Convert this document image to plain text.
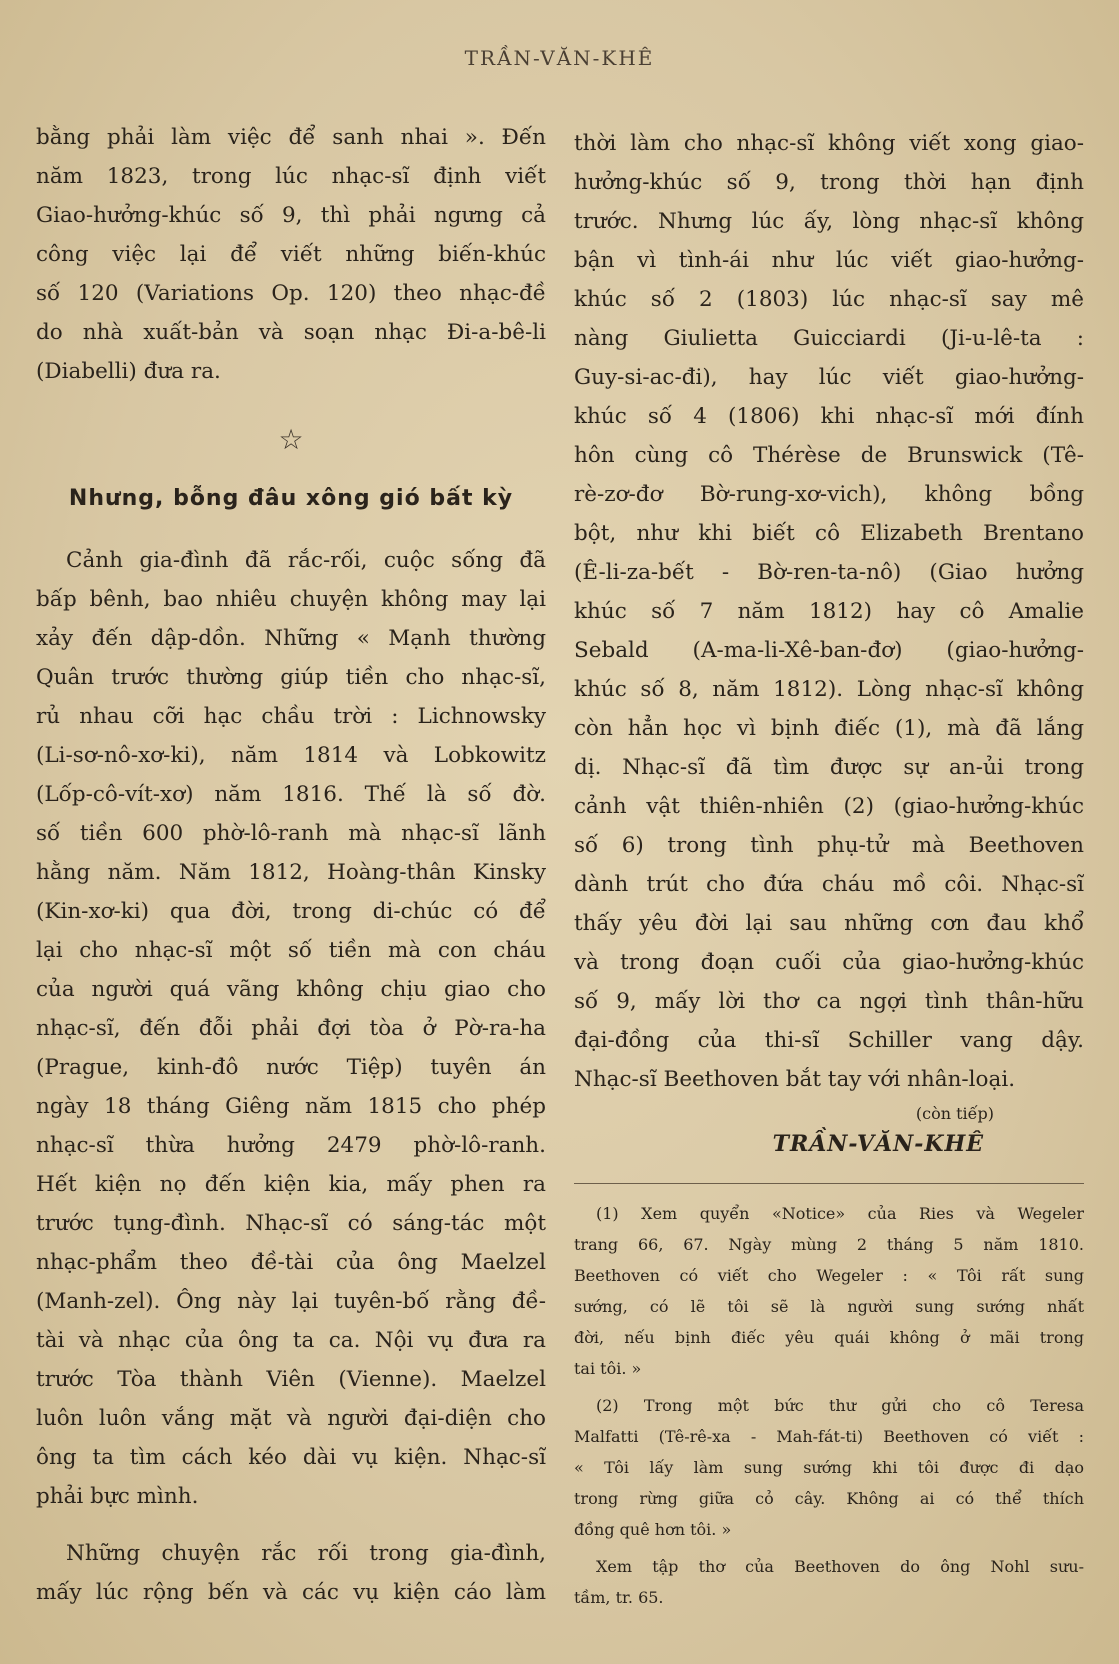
TRẦN-VĂN-KHÊ
bằng phải làm việc để sanh nhai ». Đến
năm 1823, trong lúc nhạc-sĩ định viết
Giao-hưởng-khúc số 9, thì phải ngưng cả
công việc lại để viết những biến-khúc
số 120 (Variations Op. 120) theo nhạc-đề
do nhà xuất-bản và soạn nhạc Đi-a-bê-li
(Diabelli) đưa ra.
☆
Nhưng, bỗng đâu xông gió bất kỳ
Cảnh gia-đình đã rắc-rối, cuộc sống đã
bấp bênh, bao nhiêu chuyện không may lại
xảy đến dập-dồn. Những « Mạnh thường
Quân trước thường giúp tiền cho nhạc-sĩ,
rủ nhau cỡi hạc chầu trời : Lichnowsky
(Li-sơ-nô-xơ-ki), năm 1814 và Lobkowitz
(Lốp-cô-vít-xơ) năm 1816. Thế là số đờ.
số tiền 600 phờ-lô-ranh mà nhạc-sĩ lãnh
hằng năm. Năm 1812, Hoàng-thân Kinsky
(Kin-xơ-ki) qua đời, trong di-chúc có để
lại cho nhạc-sĩ một số tiền mà con cháu
của người quá vãng không chịu giao cho
nhạc-sĩ, đến đỗi phải đợi tòa ở Pờ-ra-ha
(Prague, kinh-đô nước Tiệp) tuyên án
ngày 18 tháng Giêng năm 1815 cho phép
nhạc-sĩ thừa hưởng 2479 phờ-lô-ranh.
Hết kiện nọ đến kiện kia, mấy phen ra
trước tụng-đình. Nhạc-sĩ có sáng-tác một
nhạc-phẩm theo đề-tài của ông Maelzel
(Manh-zel). Ông này lại tuyên-bố rằng đề-
tài và nhạc của ông ta ca. Nội vụ đưa ra
trước Tòa thành Viên (Vienne). Maelzel
luôn luôn vắng mặt và người đại-diện cho
ông ta tìm cách kéo dài vụ kiện. Nhạc-sĩ
phải bực mình.
Những chuyện rắc rối trong gia-đình,
mấy lúc rộng bến và các vụ kiện cáo làm
thời làm cho nhạc-sĩ không viết xong giao-
hưởng-khúc số 9, trong thời hạn định
trước. Nhưng lúc ấy, lòng nhạc-sĩ không
bận vì tình-ái như lúc viết giao-hưởng-
khúc số 2 (1803) lúc nhạc-sĩ say mê
nàng Giulietta Guicciardi (Ji-u-lê-ta :
Guy-si-ac-đi), hay lúc viết giao-hưởng-
khúc số 4 (1806) khi nhạc-sĩ mới đính
hôn cùng cô Thérèse de Brunswick (Tê-
rè-zơ-đơ Bờ-rung-xơ-vich), không bồng
bột, như khi biết cô Elizabeth Brentano
(Ê-li-za-bết - Bờ-ren-ta-nô) (Giao hưởng
khúc số 7 năm 1812) hay cô Amalie
Sebald (A-ma-li-Xê-ban-đơ) (giao-hưởng-
khúc số 8, năm 1812). Lòng nhạc-sĩ không
còn hẳn học vì bịnh điếc (1), mà đã lắng
dị. Nhạc-sĩ đã tìm được sự an-ủi trong
cảnh vật thiên-nhiên (2) (giao-hưởng-khúc
số 6) trong tình phụ-tử mà Beethoven
dành trút cho đứa cháu mồ côi. Nhạc-sĩ
thấy yêu đời lại sau những cơn đau khổ
và trong đoạn cuối của giao-hưởng-khúc
số 9, mấy lời thơ ca ngợi tình thân-hữu
đại-đồng của thi-sĩ Schiller vang dậy.
Nhạc-sĩ Beethoven bắt tay với nhân-loại.
(còn tiếp)
TRẦN-VĂN-KHÊ
(1) Xem quyển «Notice» của Ries và Wegeler
trang 66, 67. Ngày mùng 2 tháng 5 năm 1810.
Beethoven có viết cho Wegeler : « Tôi rất sung
sướng, có lẽ tôi sẽ là người sung sướng nhất
đời, nếu bịnh điếc yêu quái không ở mãi trong
tai tôi. »
(2) Trong một bức thư gửi cho cô Teresa
Malfatti (Tê-rê-xa - Mah-fát-ti) Beethoven có viết :
« Tôi lấy làm sung sướng khi tôi được đi dạo
trong rừng giữa cỏ cây. Không ai có thể thích
đồng quê hơn tôi. »
Xem tập thơ của Beethoven do ông Nohl sưu-
tầm, tr. 65.
